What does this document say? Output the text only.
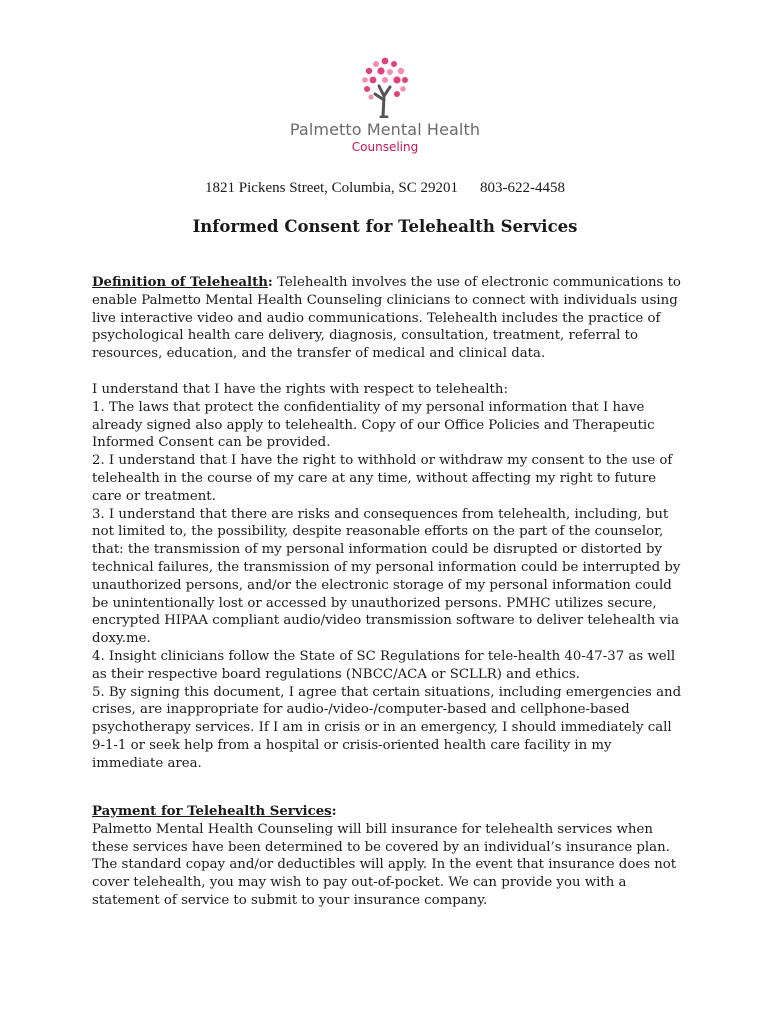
Palmetto Mental Health
Counseling
1821 Pickens Street, Columbia, SC 29201 803-622-4458
Informed Consent for Telehealth Services

Definition of Telehealth: Telehealth involves the use of electronic communications to enable Palmetto Mental Health Counseling clinicians to connect with individuals using live interactive video and audio communications. Telehealth includes the practice of psychological health care delivery, diagnosis, consultation, treatment, referral to resources, education, and the transfer of medical and clinical data.

I understand that I have the rights with respect to telehealth:

1. The laws that protect the confidentiality of my personal information that I have already signed also apply to telehealth. Copy of our Office Policies and Therapeutic Informed Consent can be provided.

2. I understand that I have the right to withhold or withdraw my consent to the use of telehealth in the course of my care at any time, without affecting my right to future care or treatment.

3. I understand that there are risks and consequences from telehealth, including, but not limited to, the possibility, despite reasonable efforts on the part of the counselor, that: the transmission of my personal information could be disrupted or distorted by technical failures, the transmission of my personal information could be interrupted by unauthorized persons, and/or the electronic storage of my personal information could be unintentionally lost or accessed by unauthorized persons. PMHC utilizes secure, encrypted HIPAA compliant audio/video transmission software to deliver telehealth via doxy.me.

4. Insight clinicians follow the State of SC Regulations for tele-health 40-47-37 as well as their respective board regulations (NBCC/ACA or SCLLR) and ethics.

5. By signing this document, I agree that certain situations, including emergencies and crises, are inappropriate for audio-/video-/computer-based and cellphone-based psychotherapy services. If I am in crisis or in an emergency, I should immediately call 9-1-1 or seek help from a hospital or crisis-oriented health care facility in my immediate area.

Payment for Telehealth Services:

Palmetto Mental Health Counseling will bill insurance for telehealth services when these services have been determined to be covered by an individual’s insurance plan. The standard copay and/or deductibles will apply. In the event that insurance does not cover telehealth, you may wish to pay out-of-pocket. We can provide you with a statement of service to submit to your insurance company.
